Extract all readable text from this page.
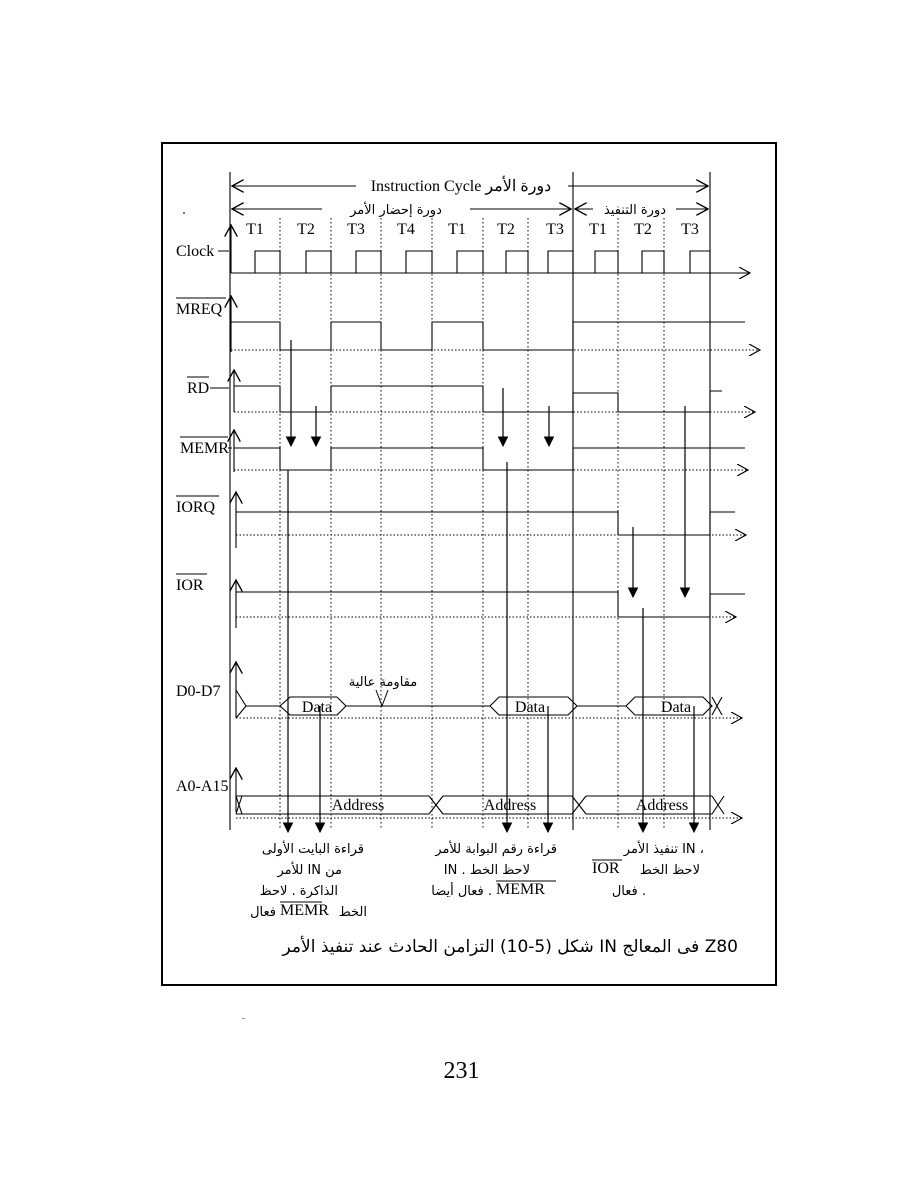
Instruction Cycle دورة الأمر
دورة إحضار الأمر	دورة التنفيذ
T1 T2 T3 T4 T1 T2 T3 T1 T2 T3
Clock
MREQ
RD
MEMR
IORQ
IOR
D0-D7
A0-A15
Data	Data	Data
Address	Address	Address
مقاومة عالية
قراءة البايت الأولى
للأمر IN من
الذاكرة . لاحظ
الخط
MEMR
فعال
قراءة رقم البوابة للأمر
IN . لاحظ الخط
MEMR
فعال أيضا .
تنفيذ الأمر IN ،
لاحظ الخط
IOR
فعال .
شكل (5-10) التزامن الحادث عند تنفيذ الأمر IN فى المعالج Z80
231
